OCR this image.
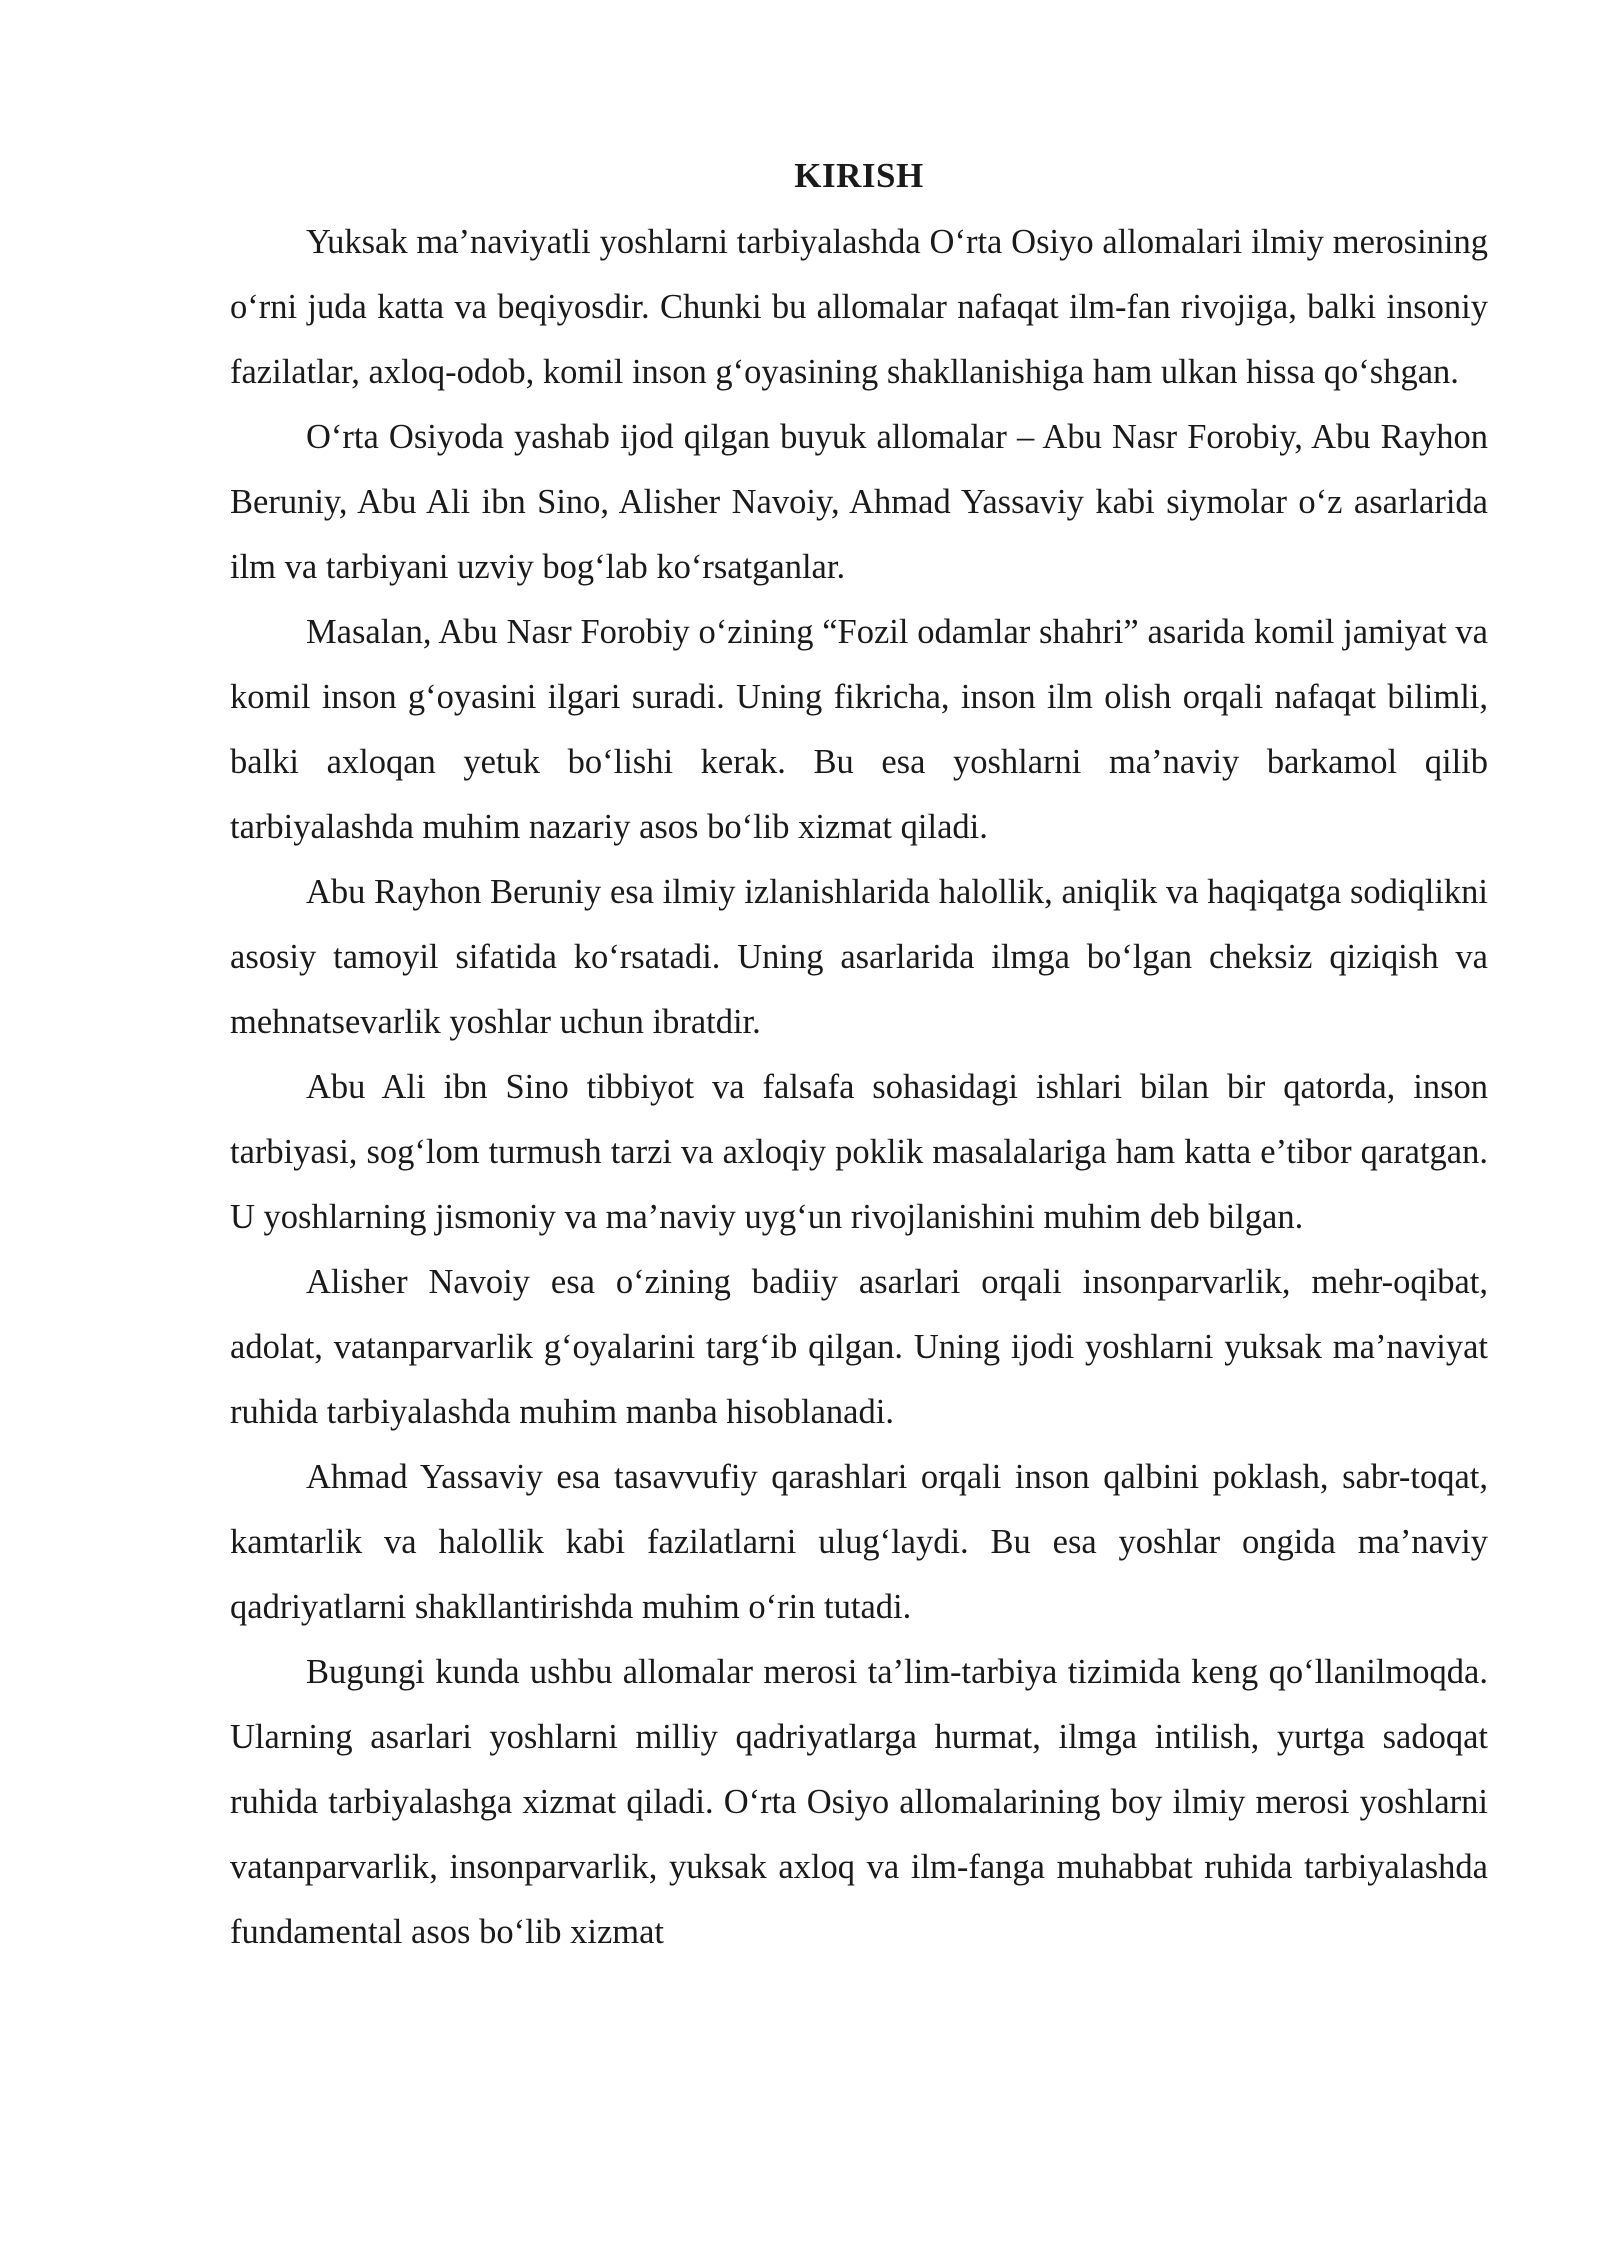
KIRISH

Yuksak ma’naviyatli yoshlarni tarbiyalashda O‘rta Osiyo allomalari ilmiy merosining o‘rni juda katta va beqiyosdir. Chunki bu allomalar nafaqat ilm-fan rivojiga, balki insoniy fazilatlar, axloq-odob, komil inson g‘oyasining shakllanishiga ham ulkan hissa qo‘shgan.

O‘rta Osiyoda yashab ijod qilgan buyuk allomalar – Abu Nasr Forobiy, Abu Rayhon Beruniy, Abu Ali ibn Sino, Alisher Navoiy, Ahmad Yassaviy kabi siymolar o‘z asarlarida ilm va tarbiyani uzviy bog‘lab ko‘rsatganlar.

Masalan, Abu Nasr Forobiy o‘zining “Fozil odamlar shahri” asarida komil jamiyat va komil inson g‘oyasini ilgari suradi. Uning fikricha, inson ilm olish orqali nafaqat bilimli, balki axloqan yetuk bo‘lishi kerak. Bu esa yoshlarni ma’naviy barkamol qilib tarbiyalashda muhim nazariy asos bo‘lib xizmat qiladi.

Abu Rayhon Beruniy esa ilmiy izlanishlarida halollik, aniqlik va haqiqatga sodiqlikni asosiy tamoyil sifatida ko‘rsatadi. Uning asarlarida ilmga bo‘lgan cheksiz qiziqish va mehnatsevarlik yoshlar uchun ibratdir.

Abu Ali ibn Sino tibbiyot va falsafa sohasidagi ishlari bilan bir qatorda, inson tarbiyasi, sog‘lom turmush tarzi va axloqiy poklik masalalariga ham katta e’tibor qaratgan. U yoshlarning jismoniy va ma’naviy uyg‘un rivojlanishini muhim deb bilgan.

Alisher Navoiy esa o‘zining badiiy asarlari orqali insonparvarlik, mehr-oqibat, adolat, vatanparvarlik g‘oyalarini targ‘ib qilgan. Uning ijodi yoshlarni yuksak ma’naviyat ruhida tarbiyalashda muhim manba hisoblanadi.

Ahmad Yassaviy esa tasavvufiy qarashlari orqali inson qalbini poklash, sabr-toqat, kamtarlik va halollik kabi fazilatlarni ulug‘laydi. Bu esa yoshlar ongida ma’naviy qadriyatlarni shakllantirishda muhim o‘rin tutadi.

Bugungi kunda ushbu allomalar merosi ta’lim-tarbiya tizimida keng qo‘llanilmoqda. Ularning asarlari yoshlarni milliy qadriyatlarga hurmat, ilmga intilish, yurtga sadoqat ruhida tarbiyalashga xizmat qiladi. O‘rta Osiyo allomalarining boy ilmiy merosi yoshlarni vatanparvarlik, insonparvarlik, yuksak axloq va ilm-fanga muhabbat ruhida tarbiyalashda fundamental asos bo‘lib xizmat
